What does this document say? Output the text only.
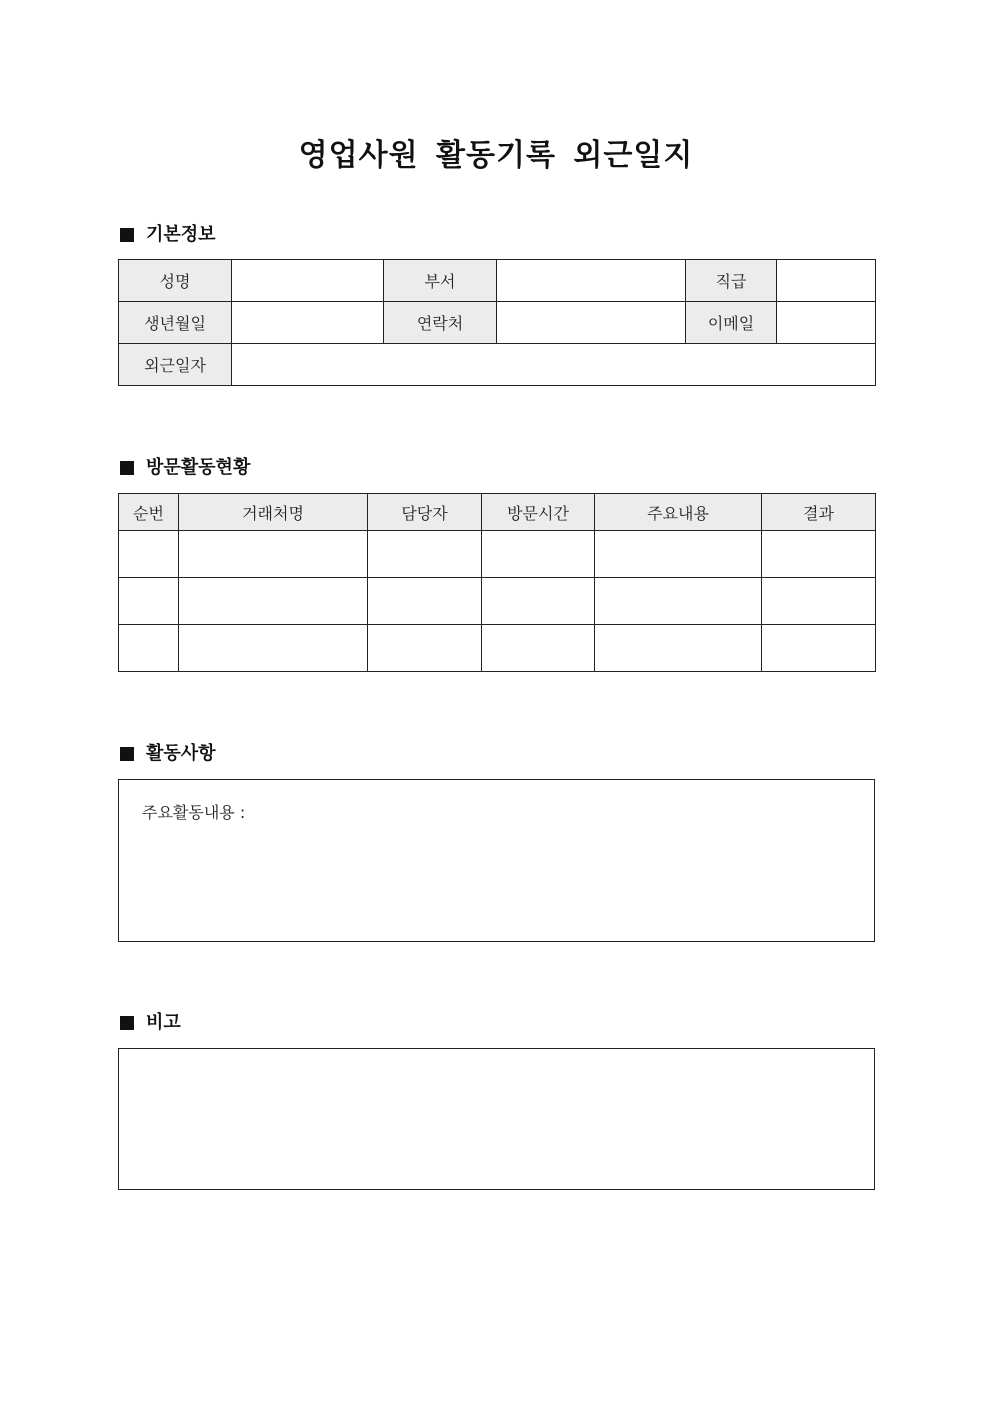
영업사원 활동기록 외근일지
기본정보
성명		부서		직급	
생년월일		연락처		이메일	
외근일자					
방문활동현황
순번	거래처명	담당자	방문시간	주요내용	결과

활동사항
주요활동내용 :
비고
